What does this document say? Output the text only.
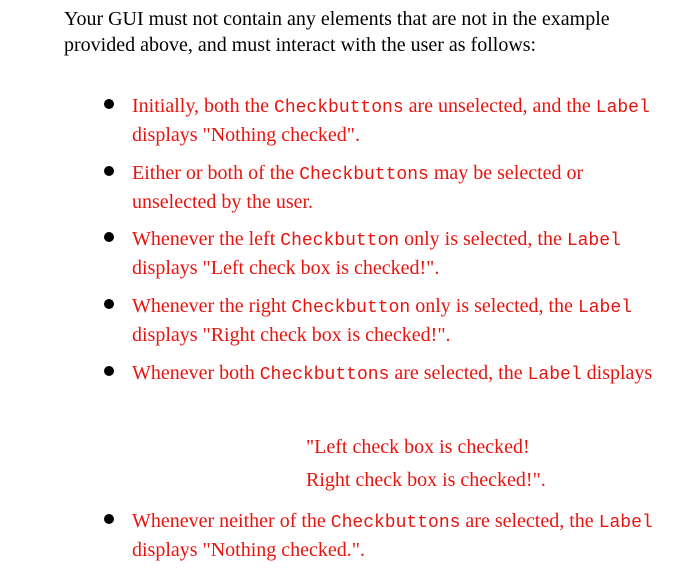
Your GUI must not contain any elements that are not in the example provided above, and must interact with the user as follows:

Initially, both the Checkbuttons are unselected, and the Label displays "Nothing checked".

Either or both of the Checkbuttons may be selected or unselected by the user.

Whenever the left Checkbutton only is selected, the Label displays "Left check box is checked!".

Whenever the right Checkbutton only is selected, the Label displays "Right check box is checked!".

Whenever both Checkbuttons are selected, the Label displays

Whenever neither of the Checkbuttons are selected, the Label displays "Nothing checked.".

"Left check box is checked!

Right check box is checked!".
